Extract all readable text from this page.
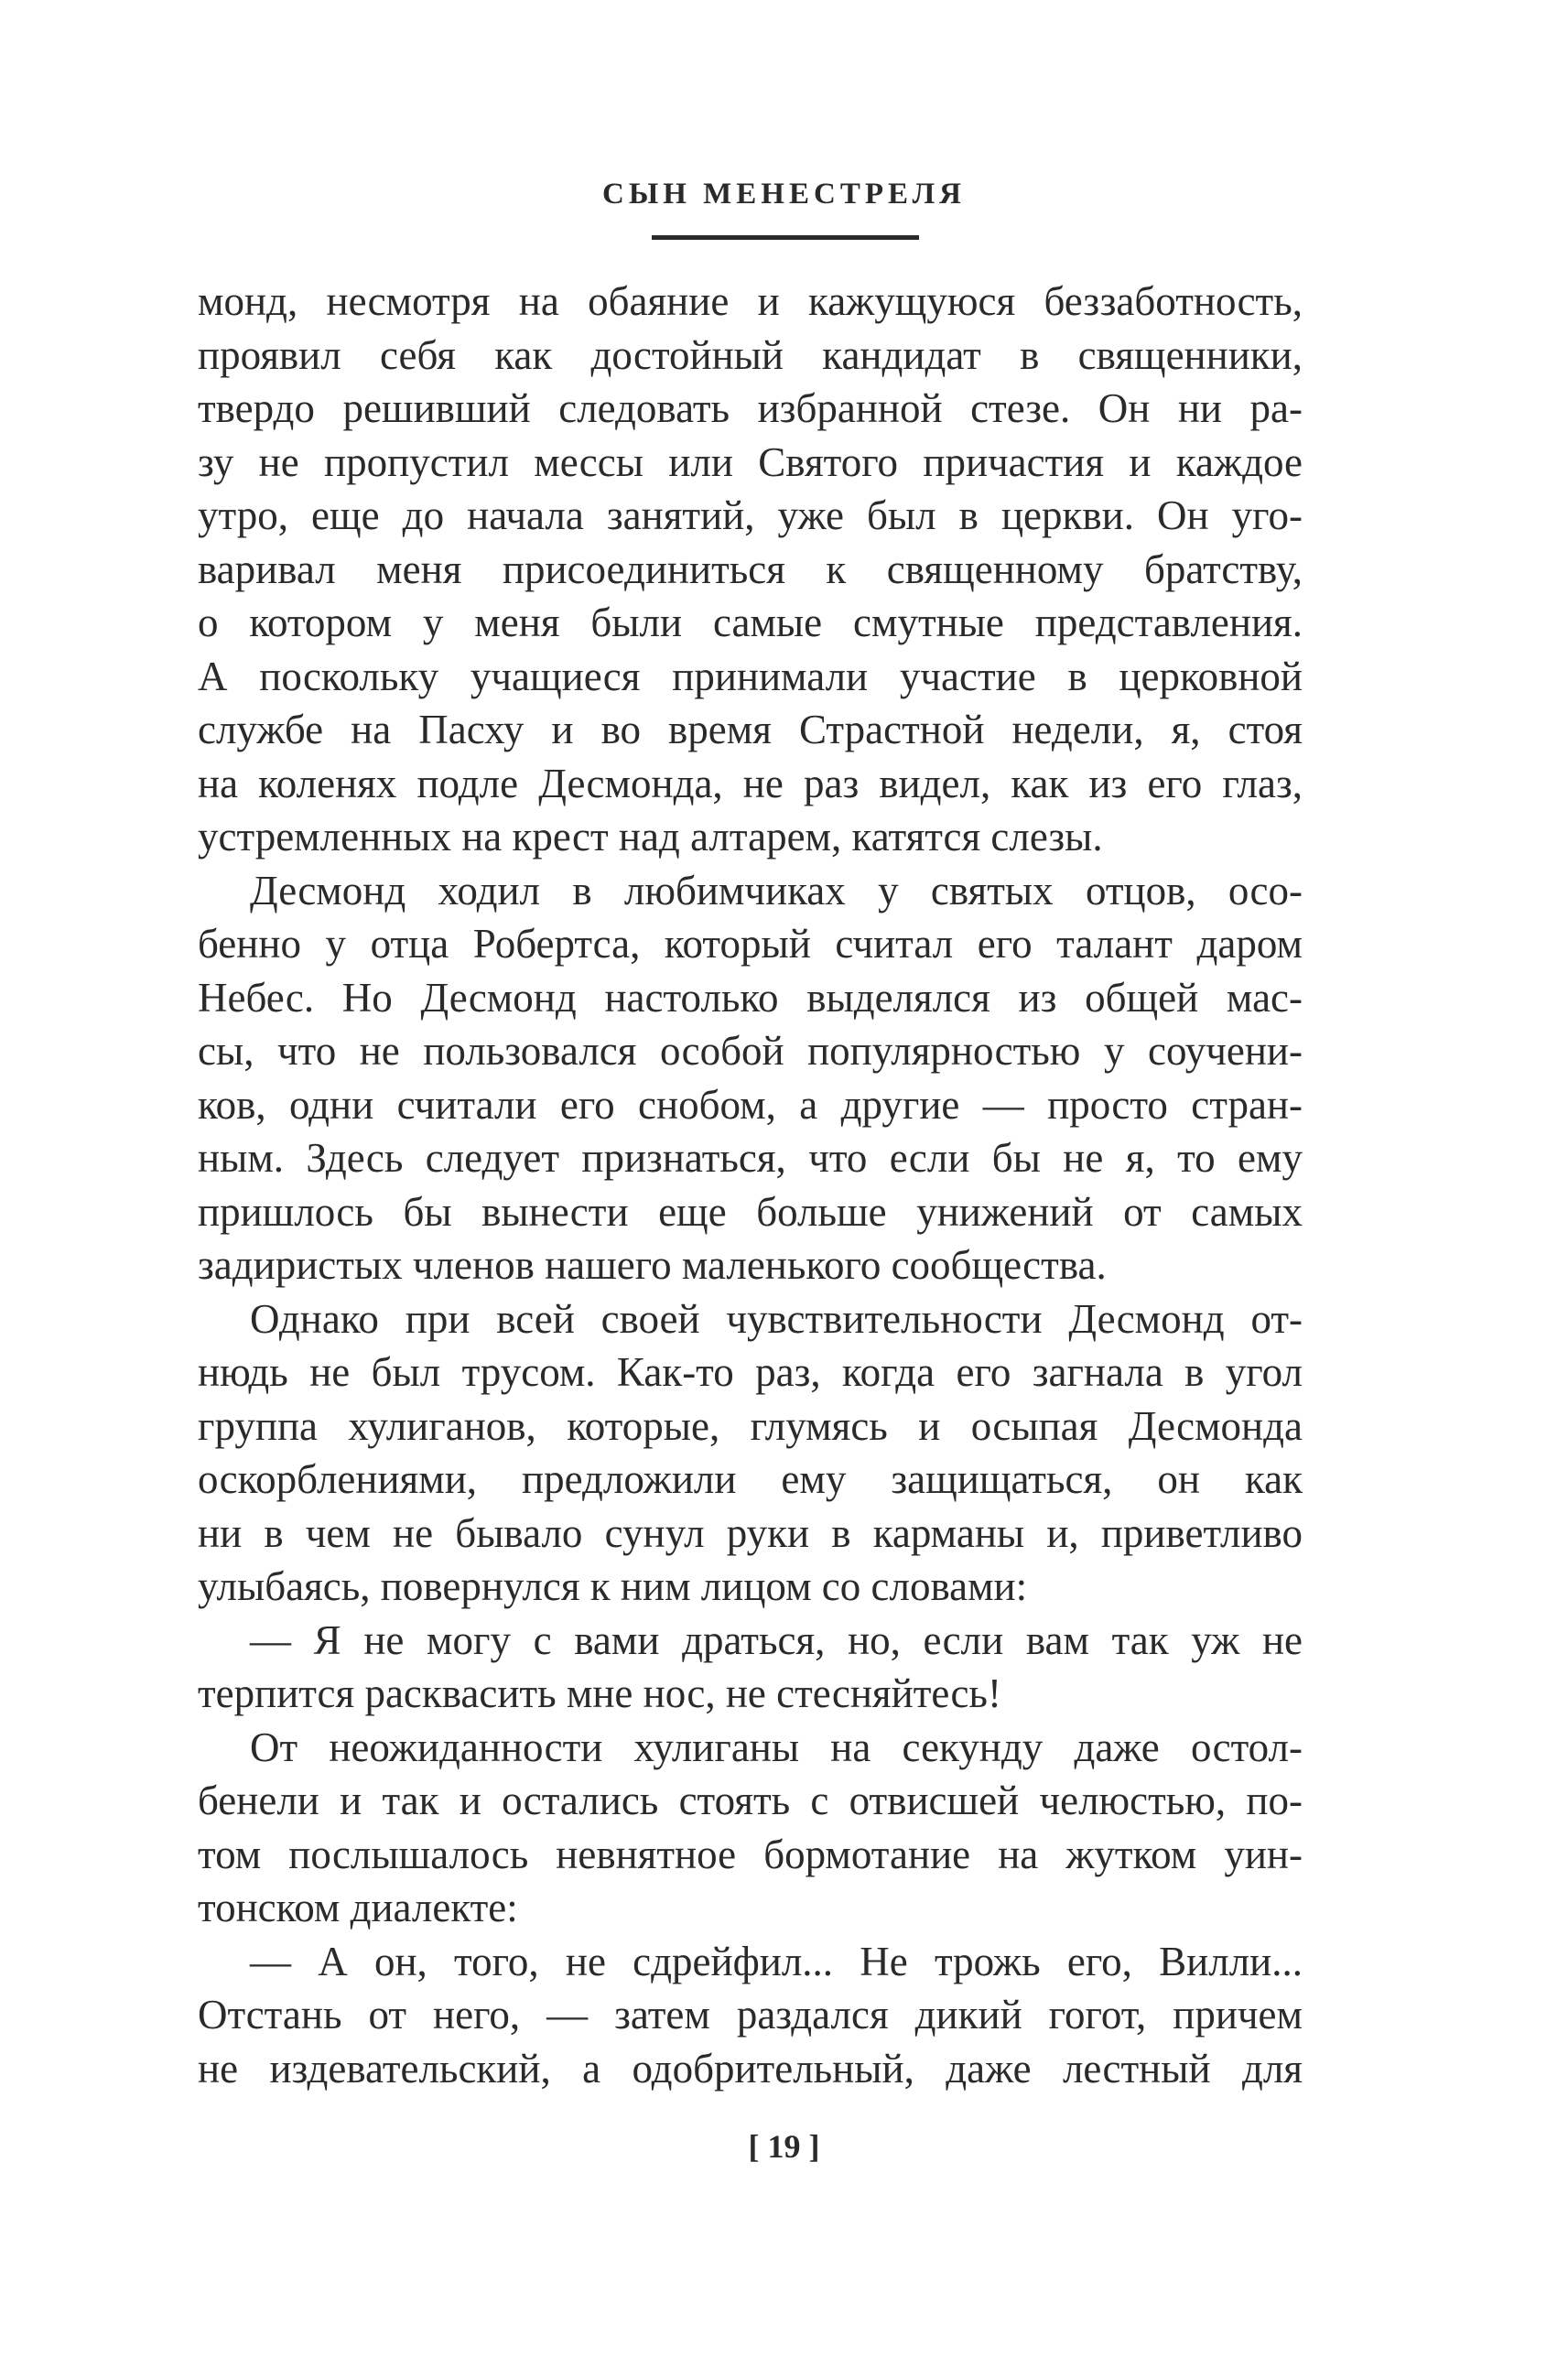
СЫН МЕНЕСТРЕЛЯ

монд, несмотря на обаяние и кажущуюся беззаботность,
проявил себя как достойный кандидат в священники,
твердо решивший следовать избранной стезе. Он ни ра-
зу не пропустил мессы или Святого причастия и каждое
утро, еще до начала занятий, уже был в церкви. Он уго-
варивал меня присоединиться к священному братству,
о котором у меня были самые смутные представления.
А поскольку учащиеся принимали участие в церковной
службе на Пасху и во время Страстной недели, я, стоя
на коленях подле Десмонда, не раз видел, как из его глаз,
устремленных на крест над алтарем, катятся слезы.

Десмонд ходил в любимчиках у святых отцов, осо-
бенно у отца Робертса, который считал его талант даром
Небес. Но Десмонд настолько выделялся из общей мас-
сы, что не пользовался особой популярностью у соучени-
ков, одни считали его снобом, а другие — просто стран-
ным. Здесь следует признаться, что если бы не я, то ему
пришлось бы вынести еще больше унижений от самых
задиристых членов нашего маленького сообщества.

Однако при всей своей чувствительности Десмонд от-
нюдь не был трусом. Как-то раз, когда его загнала в угол
группа хулиганов, которые, глумясь и осыпая Десмонда
оскорблениями, предложили ему защищаться, он как
ни в чем не бывало сунул руки в карманы и, приветливо
улыбаясь, повернулся к ним лицом со словами:

— Я не могу с вами драться, но, если вам так уж не
терпится расквасить мне нос, не стесняйтесь!

От неожиданности хулиганы на секунду даже остол-
бенели и так и остались стоять с отвисшей челюстью, по-
том послышалось невнятное бормотание на жутком уин-
тонском диалекте:

— А он, того, не сдрейфил... Не трожь его, Вилли...
Отстань от него, — затем раздался дикий гогот, причем
не издевательский, а одобрительный, даже лестный для

[ 19 ]
